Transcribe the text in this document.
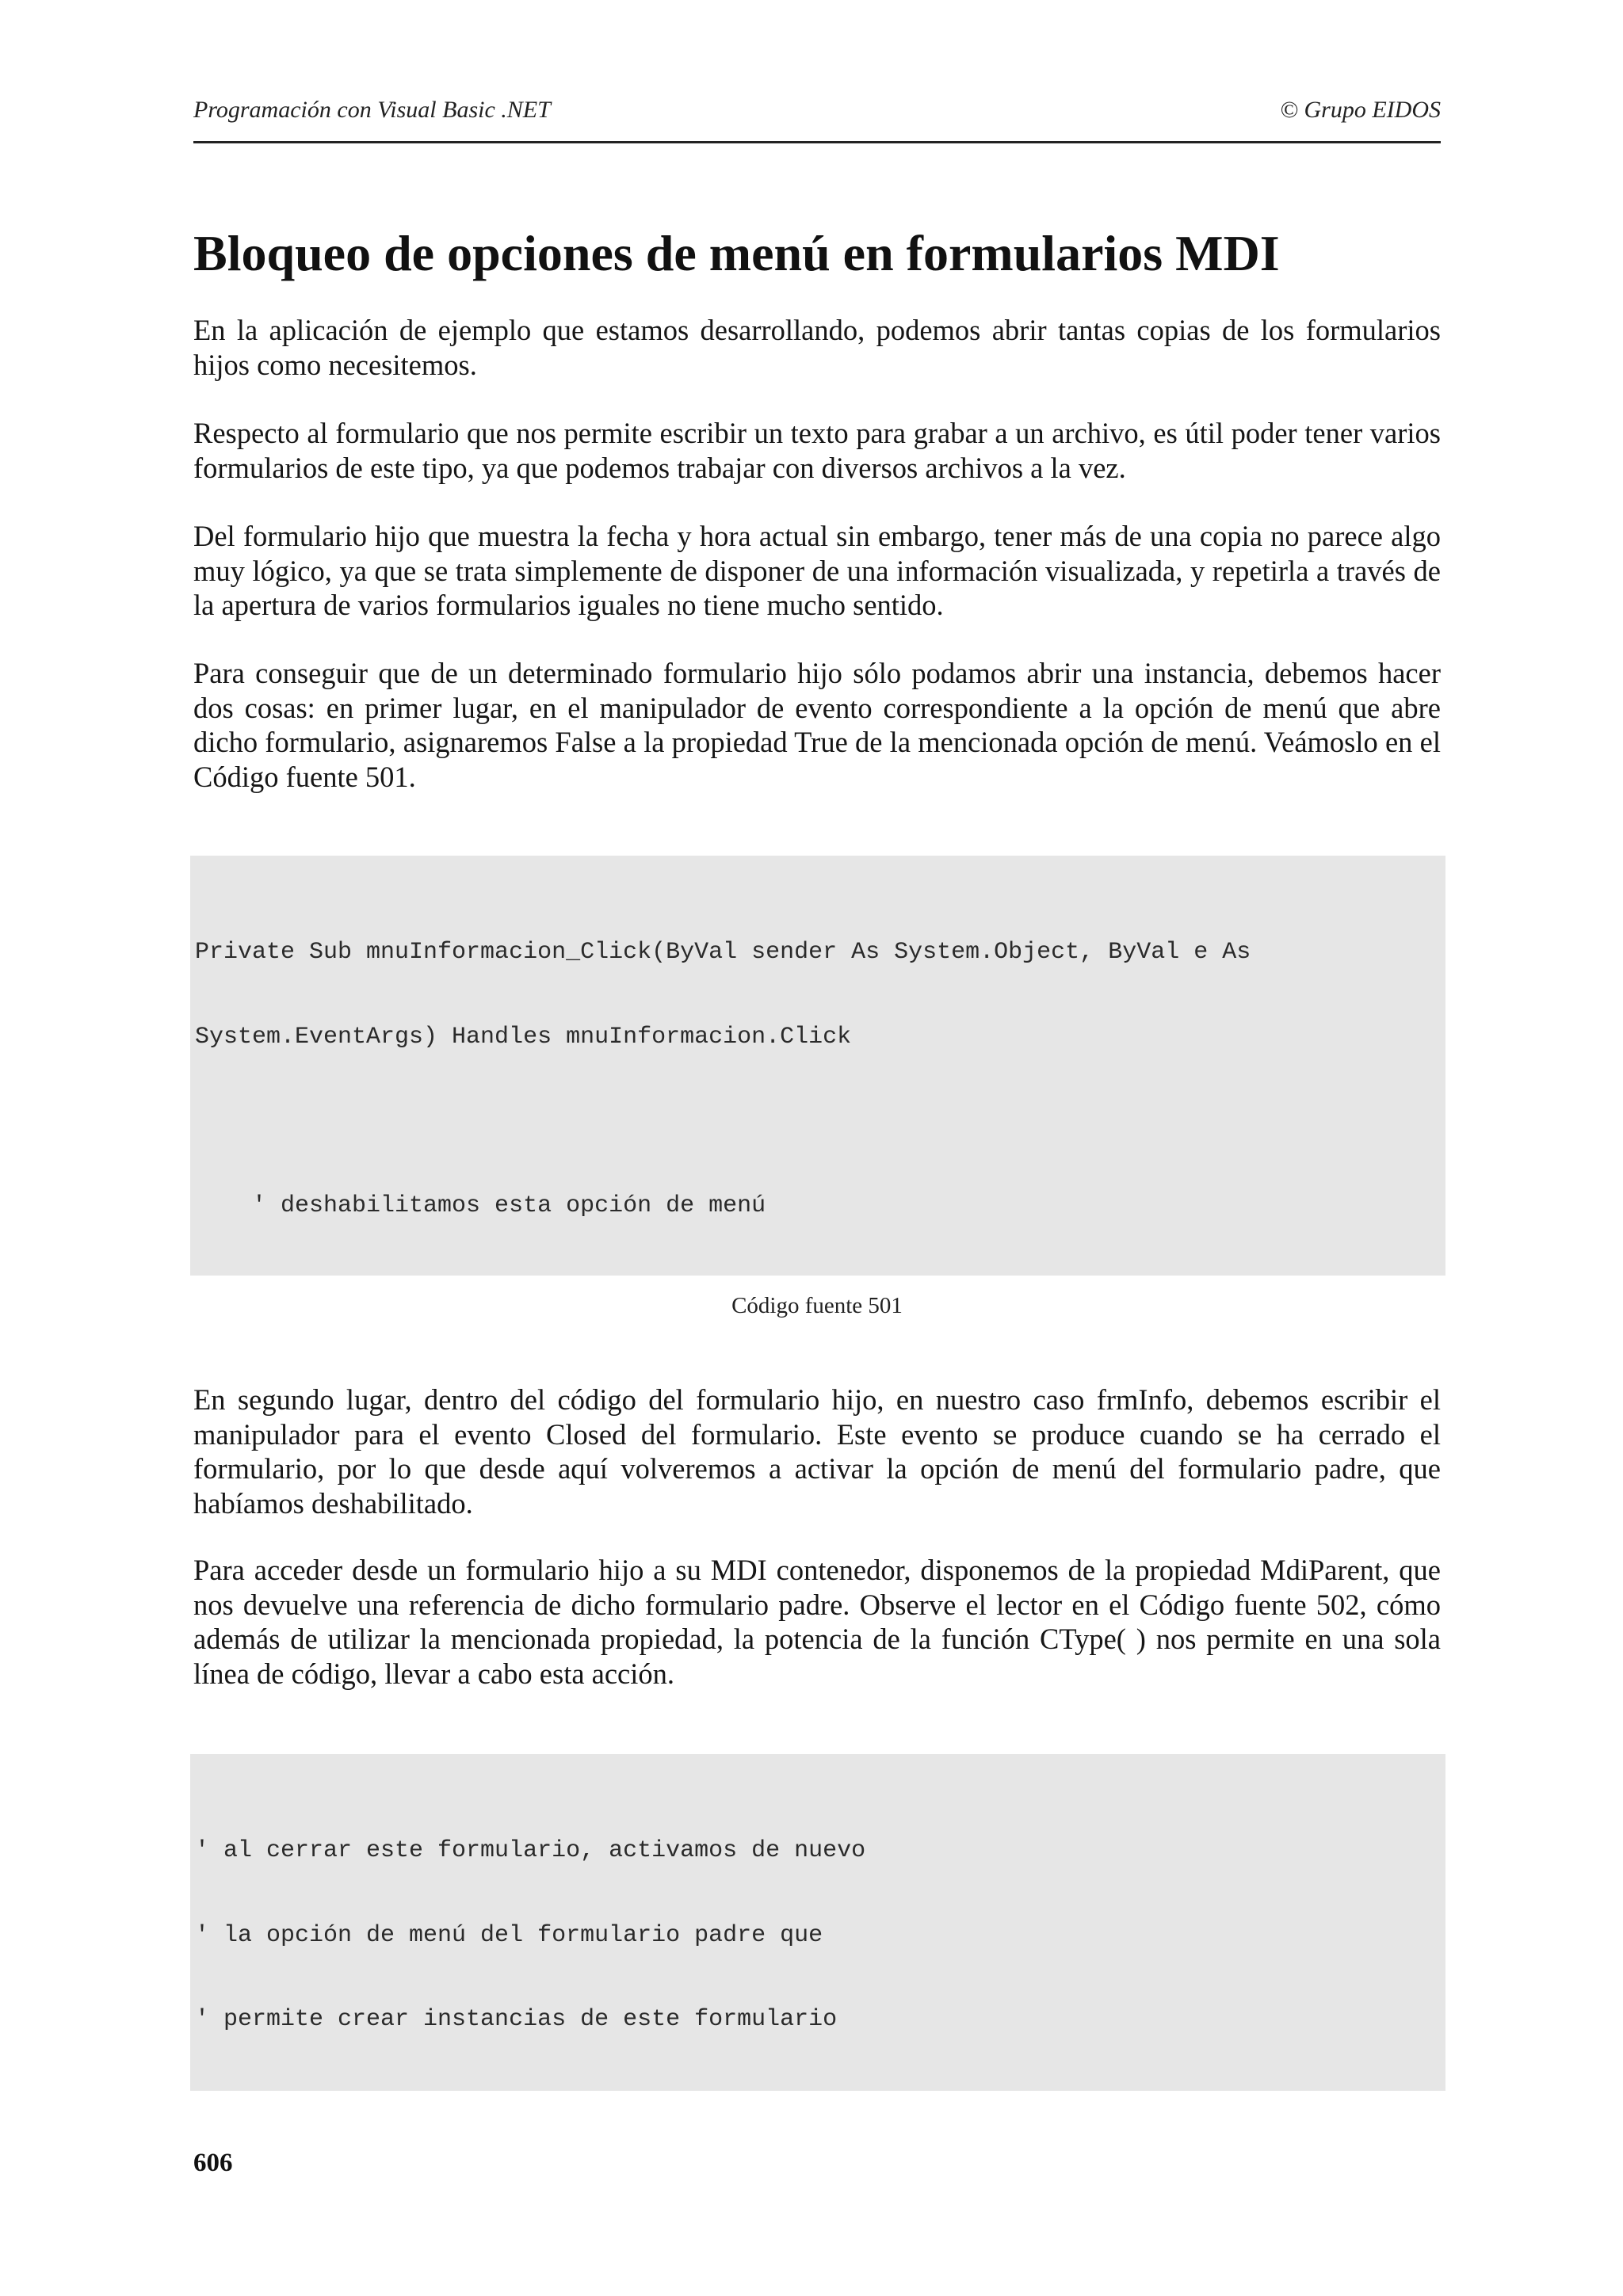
Programación con Visual Basic .NET	© Grupo EIDOS
Bloqueo de opciones de menú en formularios MDI

En la aplicación de ejemplo que estamos desarrollando, podemos abrir tantas copias de los formularios hijos como necesitemos.

Respecto al formulario que nos permite escribir un texto para grabar a un archivo, es útil poder tener varios formularios de este tipo, ya que podemos trabajar con diversos archivos a la vez.

Del formulario hijo que muestra la fecha y hora actual sin embargo, tener más de una copia no parece algo muy lógico, ya que se trata simplemente de disponer de una información visualizada, y repetirla a través de la apertura de varios formularios iguales no tiene mucho sentido.

Para conseguir que de un determinado formulario hijo sólo podamos abrir una instancia, debemos hacer dos cosas: en primer lugar, en el manipulador de evento correspondiente a la opción de menú que abre dicho formulario, asignaremos False a la propiedad True de la mencionada opción de menú. Veámoslo en el Código fuente 501.

Private Sub mnuInformacion_Click(ByVal sender As System.Object, ByVal e As

System.EventArgs) Handles mnuInformacion.Click

' deshabilitamos esta opción de menú

Código fuente 501

En segundo lugar, dentro del código del formulario hijo, en nuestro caso frmInfo, debemos escribir el manipulador para el evento Closed del formulario. Este evento se produce cuando se ha cerrado el formulario, por lo que desde aquí volveremos a activar la opción de menú del formulario padre, que habíamos deshabilitado.

Para acceder desde un formulario hijo a su MDI contenedor, disponemos de la propiedad MdiParent, que nos devuelve una referencia de dicho formulario padre. Observe el lector en el Código fuente 502, cómo además de utilizar la mencionada propiedad, la potencia de la función CType( ) nos permite en una sola línea de código, llevar a cabo esta acción.

' al cerrar este formulario, activamos de nuevo

' la opción de menú del formulario padre que

' permite crear instancias de este formulario

606
